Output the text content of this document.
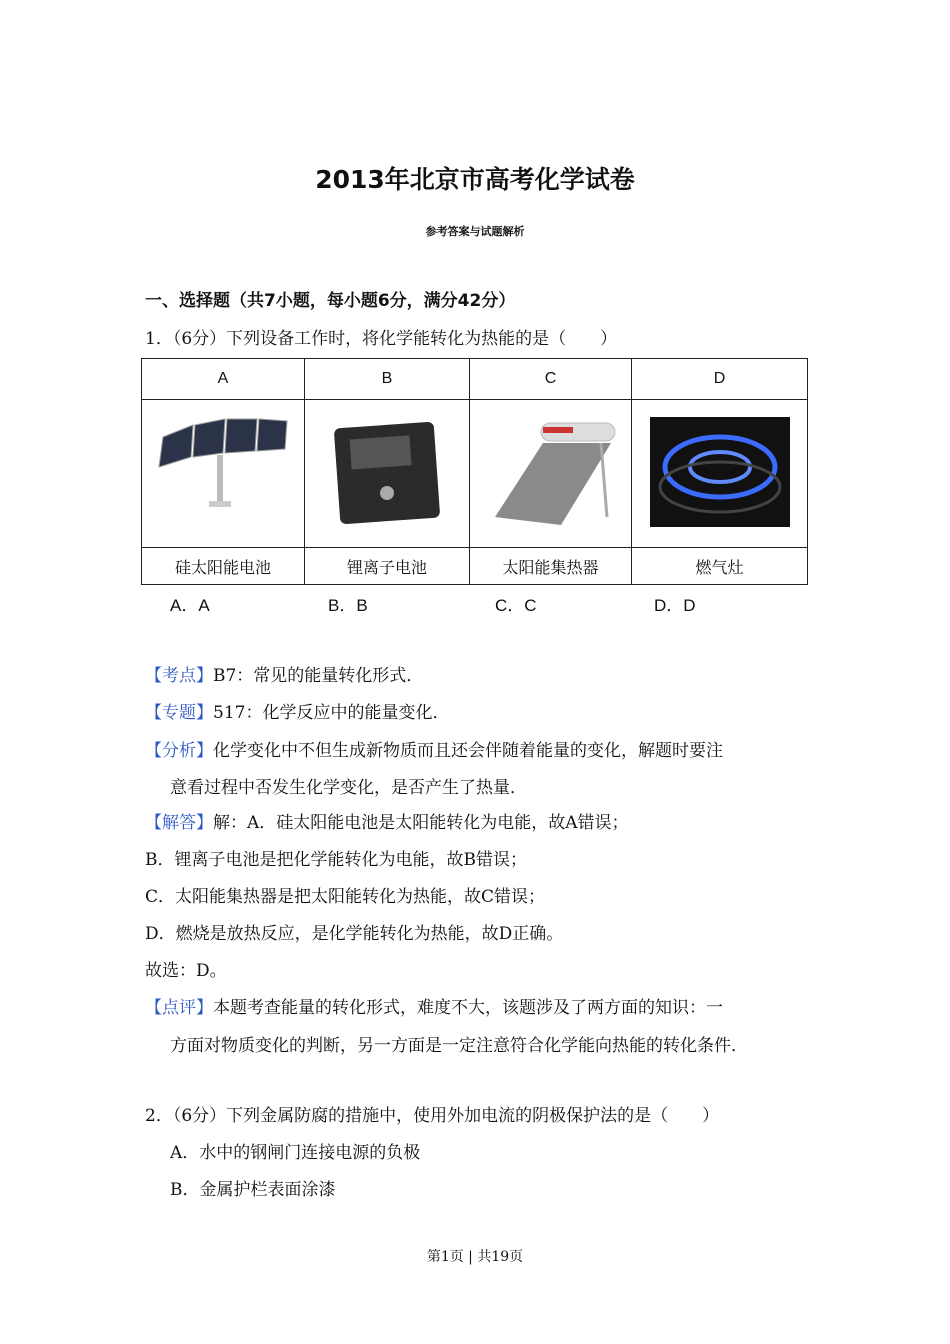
2013年北京市高考化学试卷
参考答案与试题解析
一、选择题（共7小题，每小题6分，满分42分）
1．（6分）下列设备工作时，将化学能转化为热能的是（　　）
A	B	C	D

硅太阳能电池	锂离子电池	太阳能集热器	燃气灶
A．A	B．B	C．C	D．D
【考点】B7：常见的能量转化形式．
【专题】517：化学反应中的能量变化．
【分析】化学变化中不但生成新物质而且还会伴随着能量的变化，解题时要注
意看过程中否发生化学变化，是否产生了热量．
【解答】解：A．硅太阳能电池是太阳能转化为电能，故A错误；
B．锂离子电池是把化学能转化为电能，故B错误；
C．太阳能集热器是把太阳能转化为热能，故C错误；
D．燃烧是放热反应，是化学能转化为热能，故D正确。
故选：D。
【点评】本题考查能量的转化形式，难度不大，该题涉及了两方面的知识：一
方面对物质变化的判断，另一方面是一定注意符合化学能向热能的转化条件．
2．（6分）下列金属防腐的措施中，使用外加电流的阴极保护法的是（　　）
A．水中的钢闸门连接电源的负极
B．金属护栏表面涂漆
第1页 | 共19页
